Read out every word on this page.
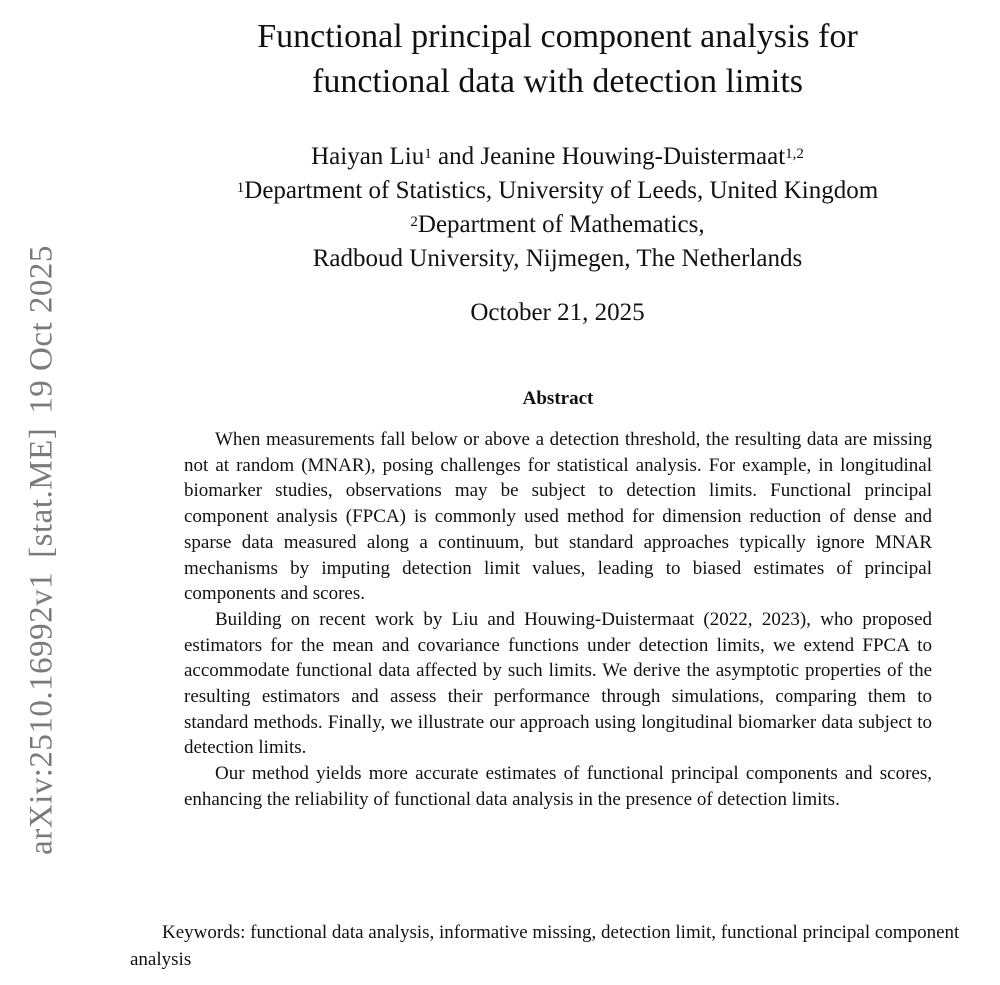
arXiv:2510.16992v1[stat.ME]19 Oct 2025
Functional principal component analysis for
functional data with detection limits
Haiyan Liu$^1$ and Jeanine Houwing-Duistermaat$^{1,2}$
$^1$Department of Statistics, University of Leeds, United Kingdom
$^2$Department of Mathematics,
Radboud University, Nijmegen, The Netherlands
October 21, 2025
Abstract

When measurements fall below or above a detection threshold, the resulting data are missing not at random (MNAR), posing challenges for statistical analysis. For example, in longitudinal biomarker studies, observations may be subject to detection limits. Functional principal component analysis (FPCA) is commonly used method for dimension reduction of dense and sparse data measured along a continuum, but standard approaches typically ignore MNAR mechanisms by imputing detection limit values, leading to biased estimates of principal components and scores.

Building on recent work by Liu and Houwing-Duistermaat (2022, 2023), who proposed estimators for the mean and covariance functions under detection limits, we extend FPCA to accommodate functional data affected by such limits. We derive the asymptotic properties of the resulting estimators and assess their performance through simulations, comparing them to standard methods. Finally, we illustrate our approach using longitudinal biomarker data subject to detection limits.

Our method yields more accurate estimates of functional principal components and scores, enhancing the reliability of functional data analysis in the presence of detection limits.

Keywords: functional data analysis, informative missing, detection limit, functional principal component analysis
